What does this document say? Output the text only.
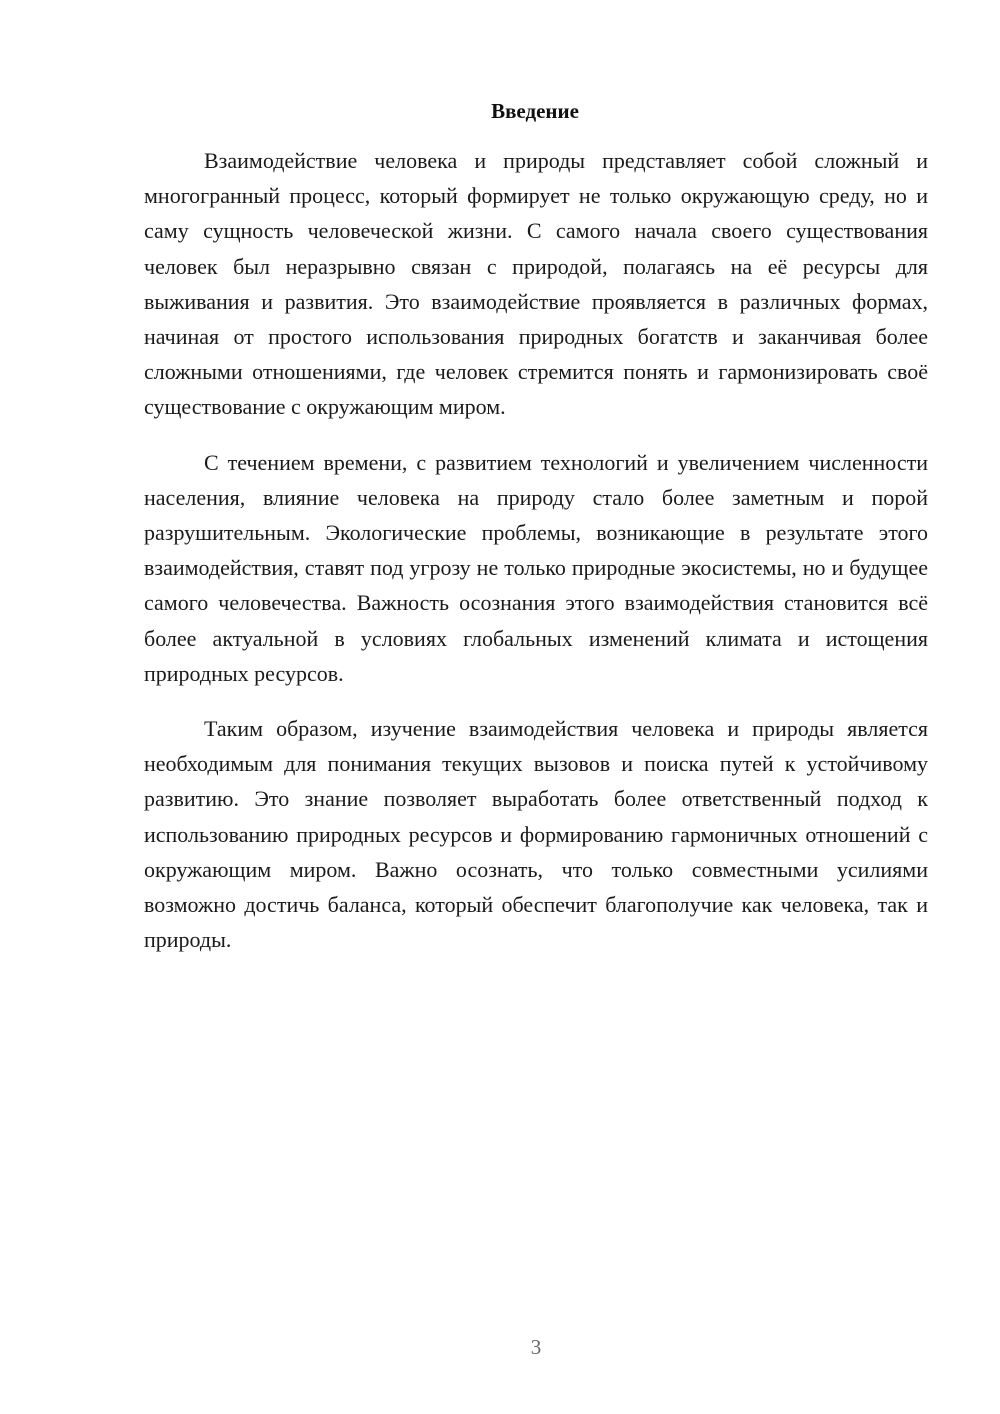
Введение

Взаимодействие человека и природы представляет собой сложный и многогранный процесс, который формирует не только окружающую среду, но и саму сущность человеческой жизни. С самого начала своего существования человек был неразрывно связан с природой, полагаясь на её ресурсы для выживания и развития. Это взаимодействие проявляется в различных формах, начиная от простого использования природных богатств и заканчивая более сложными отношениями, где человек стремится понять и гармонизировать своё существование с окружающим миром.

С течением времени, с развитием технологий и увеличением численности населения, влияние человека на природу стало более заметным и порой разрушительным. Экологические проблемы, возникающие в результате этого взаимодействия, ставят под угрозу не только природные экосистемы, но и будущее самого человечества. Важность осознания этого взаимодействия становится всё более актуальной в условиях глобальных изменений климата и истощения природных ресурсов.

Таким образом, изучение взаимодействия человека и природы является необходимым для понимания текущих вызовов и поиска путей к устойчивому развитию. Это знание позволяет выработать более ответственный подход к использованию природных ресурсов и формированию гармоничных отношений с окружающим миром. Важно осознать, что только совместными усилиями возможно достичь баланса, который обеспечит благополучие как человека, так и природы.

3
